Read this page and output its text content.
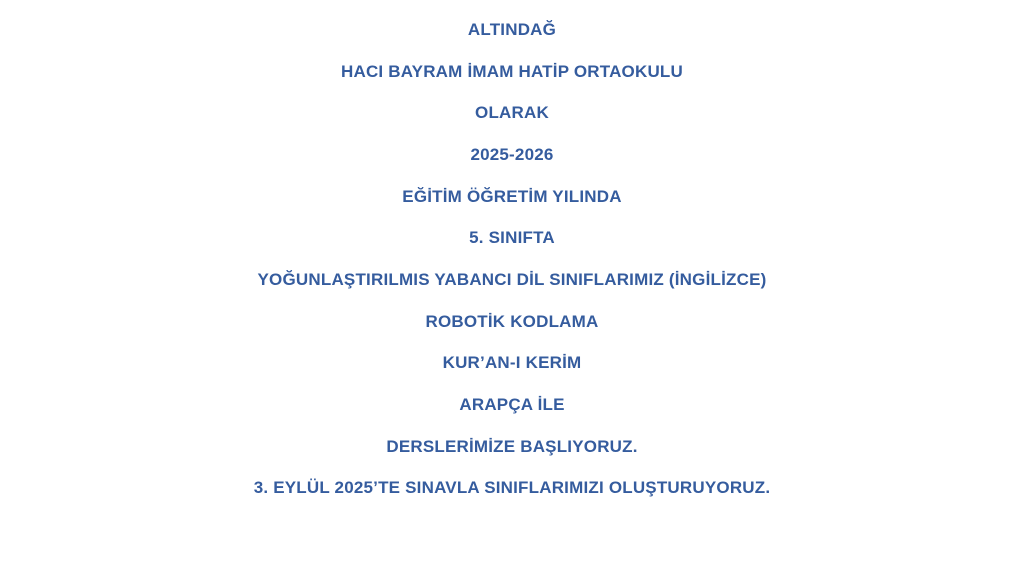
ALTINDAĞ
HACI BAYRAM İMAM HATİP ORTAOKULU
OLARAK
2025-2026
EĞİTİM ÖĞRETİM YILINDA
5. SINIFTA
YOĞUNLAŞTIRILMIS YABANCI DİL SINIFLARIMIZ (İNGİLİZCE)
ROBOTİK KODLAMA
KUR’AN-I KERİM
ARAPÇA İLE
DERSLERİMİZE BAŞLIYORUZ.
3. EYLÜL 2025’TE SINAVLA SINIFLARIMIZI OLUŞTURUYORUZ.
